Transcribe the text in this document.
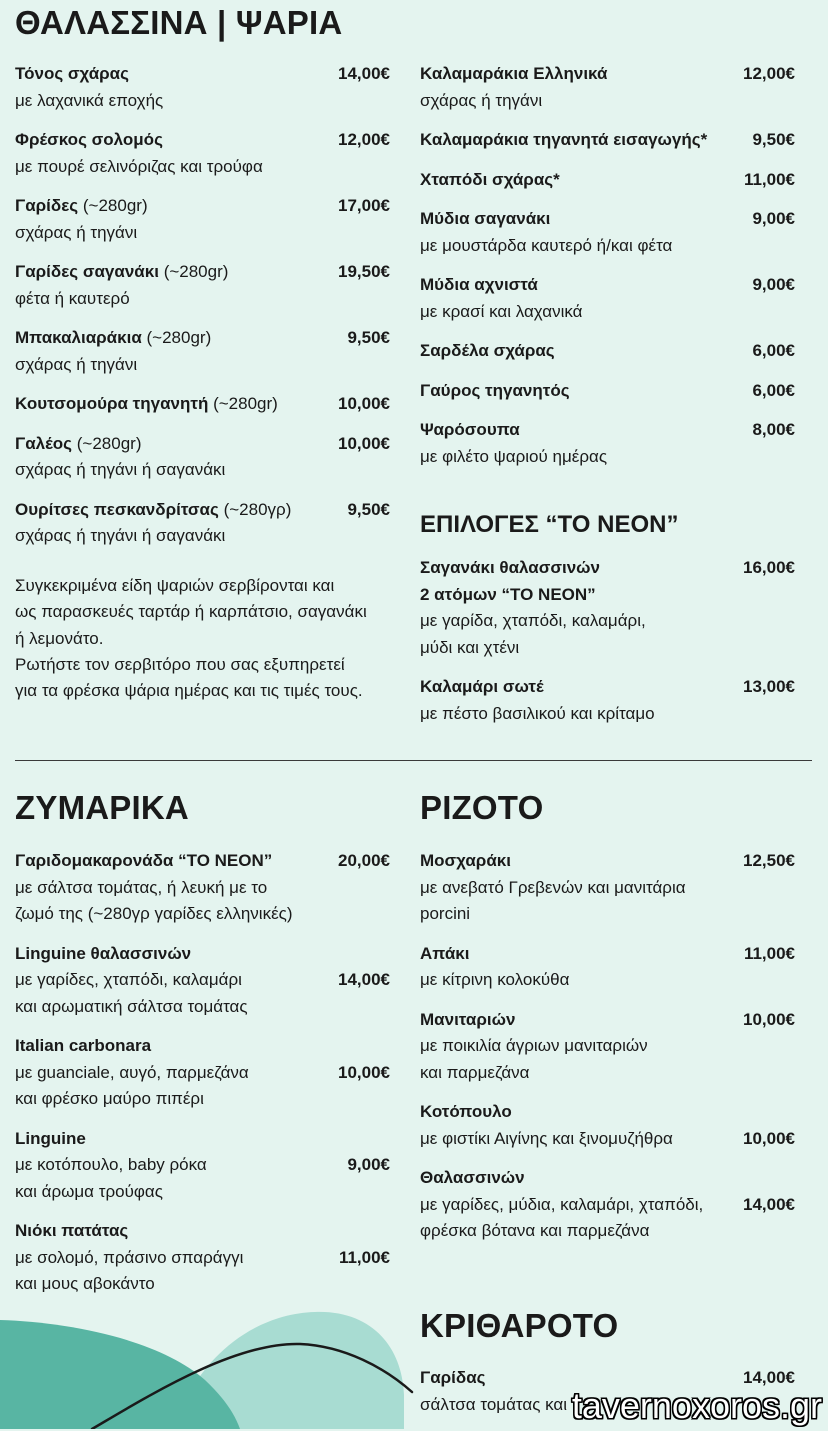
ΘΑΛΑΣΣΙΝΑ | ΨΑΡΙΑ
Τόνος σχάρας	14,00€
με λαχανικά εποχής
Φρέσκος σολομός	12,00€
με πουρέ σελινόριζας και τρούφα
Γαρίδες (~280gr)	17,00€
σχάρας ή τηγάνι
Γαρίδες σαγανάκι (~280gr)	19,50€
φέτα ή καυτερό
Μπακαλιαράκια (~280gr)	9,50€
σχάρας ή τηγάνι
Κουτσομούρα τηγανητή (~280gr)	10,00€
Γαλέος (~280gr)	10,00€
σχάρας ή τηγάνι ή σαγανάκι
Ουρίτσες πεσκανδρίτσας (~280γρ)	9,50€
σχάρας ή τηγάνι ή σαγανάκι
Συγκεκριμένα είδη ψαριών σερβίρονται και
ως παρασκευές ταρτάρ ή καρπάτσιο, σαγανάκι
ή λεμονάτο.
Ρωτήστε τον σερβιτόρο που σας εξυπηρετεί
για τα φρέσκα ψάρια ημέρας και τις τιμές τους.
Καλαμαράκια Ελληνικά	12,00€
σχάρας ή τηγάνι
Καλαμαράκια τηγανητά εισαγωγής*	9,50€
Χταπόδι σχάρας*	11,00€
Μύδια σαγανάκι	9,00€
με μουστάρδα καυτερό ή/και φέτα
Μύδια αχνιστά	9,00€
με κρασί και λαχανικά
Σαρδέλα σχάρας	6,00€
Γαύρος τηγανητός	6,00€
Ψαρόσουπα	8,00€
με φιλέτο ψαριού ημέρας
ΕΠΙΛΟΓΕΣ “ΤΟ ΝΕΟΝ”
Σαγανάκι θαλασσινών	16,00€
2 ατόμων “ΤΟ ΝΕΟΝ”
με γαρίδα, χταπόδι, καλαμάρι,
μύδι και χτένι
Καλαμάρι σωτέ	13,00€
με πέστο βασιλικού και κρίταμο
ΖΥΜΑΡΙΚΑ
Γαριδομακαρονάδα “ΤΟ ΝΕΟΝ”	20,00€
με σάλτσα τομάτας, ή λευκή με το
ζωμό της (~280γρ γαρίδες ελληνικές)
Linguine θαλασσινών
με γαρίδες, χταπόδι, καλαμάρι	14,00€
και αρωματική σάλτσα τομάτας
Italian carbonara
με guanciale, αυγό, παρμεζάνα	10,00€
και φρέσκο μαύρο πιπέρι
Linguine
με κοτόπουλο, baby ρόκα	9,00€
και άρωμα τρούφας
Νιόκι πατάτας
με σολομό, πράσινο σπαράγγι	11,00€
και μους αβοκάντο
ΡΙΖΟΤΟ
Μοσχαράκι	12,50€
με ανεβατό Γρεβενών και μανιτάρια
porcini
Απάκι	11,00€
με κίτρινη κολοκύθα
Μανιταριών	10,00€
με ποικιλία άγριων μανιταριών
και παρμεζάνα
Κοτόπουλο
με φιστίκι Αιγίνης και ξινομυζήθρα	10,00€
Θαλασσινών
με γαρίδες, μύδια, καλαμάρι, χταπόδι, 14,00€
φρέσκα βότανα και παρμεζάνα
ΚΡΙΘΑΡΟΤΟ
Γαρίδας	14,00€
σάλτσα τομάτας και tavernoxoros.gr
